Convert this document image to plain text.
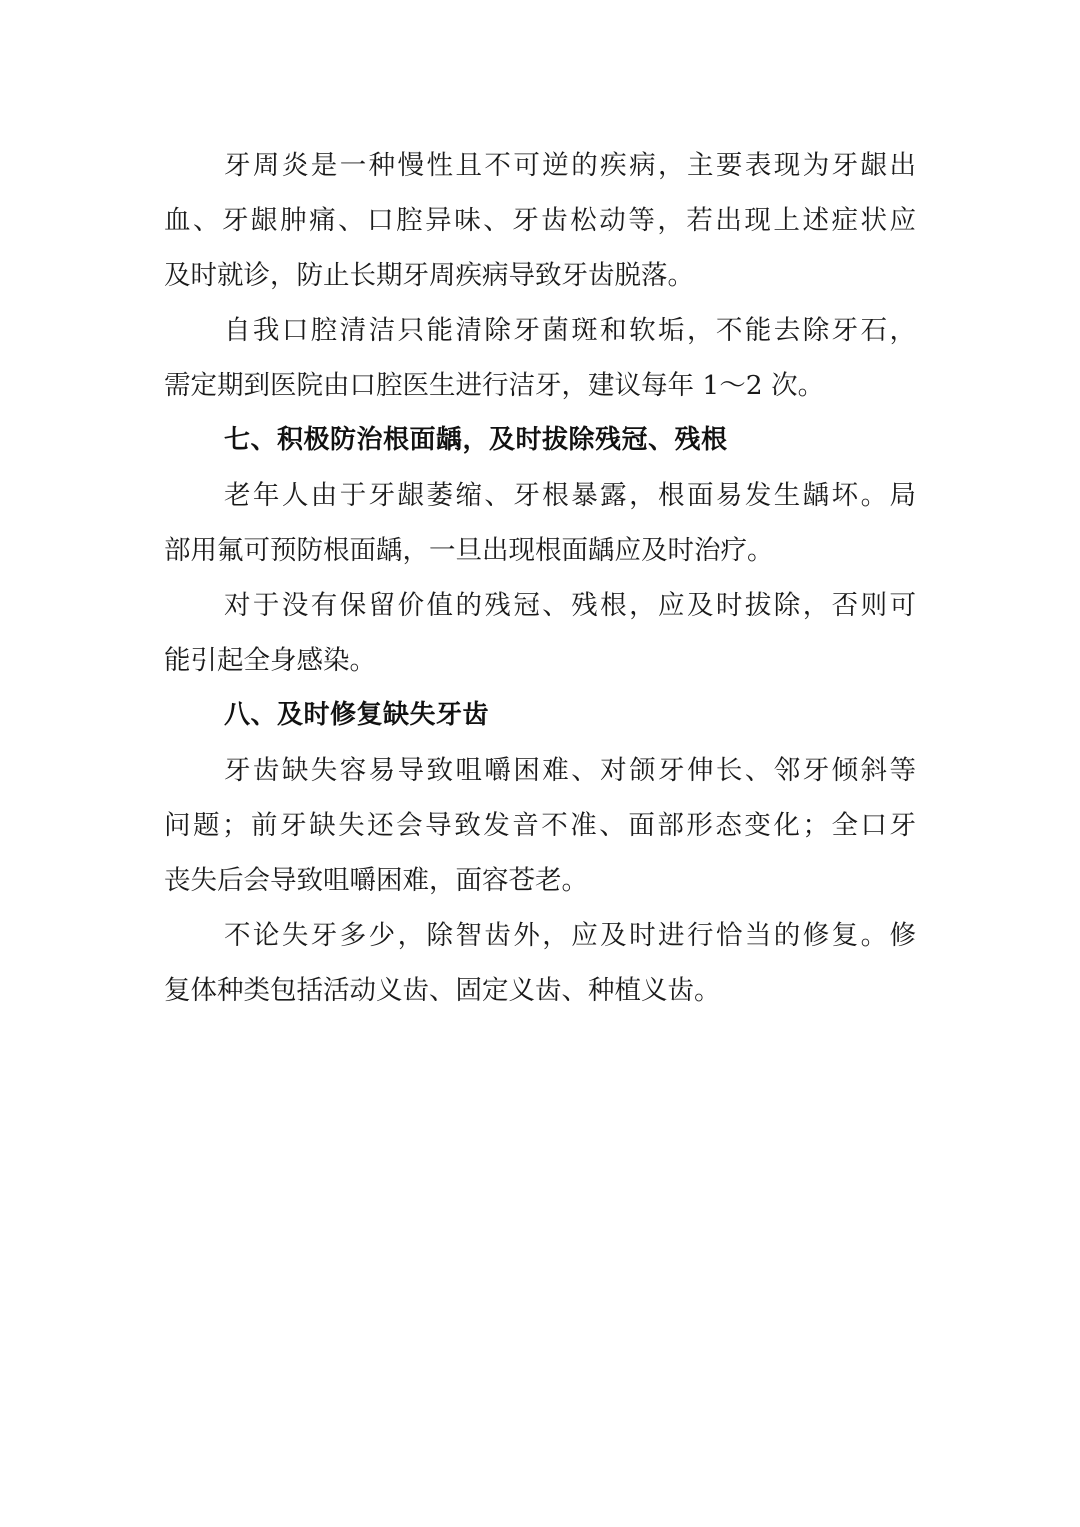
牙周炎是一种慢性且不可逆的疾病，主要表现为牙龈出
血、牙龈肿痛、口腔异味、牙齿松动等，若出现上述症状应
及时就诊，防止长期牙周疾病导致牙齿脱落。
自我口腔清洁只能清除牙菌斑和软垢，不能去除牙石，
需定期到医院由口腔医生进行洁牙，建议每年 1～2 次。
七、积极防治根面龋，及时拔除残冠、残根
老年人由于牙龈萎缩、牙根暴露，根面易发生龋坏。局
部用氟可预防根面龋，一旦出现根面龋应及时治疗。
对于没有保留价值的残冠、残根，应及时拔除，否则可
能引起全身感染。
八、及时修复缺失牙齿
牙齿缺失容易导致咀嚼困难、对颌牙伸长、邻牙倾斜等
问题；前牙缺失还会导致发音不准、面部形态变化；全口牙
丧失后会导致咀嚼困难，面容苍老。
不论失牙多少，除智齿外，应及时进行恰当的修复。修
复体种类包括活动义齿、固定义齿、种植义齿。
